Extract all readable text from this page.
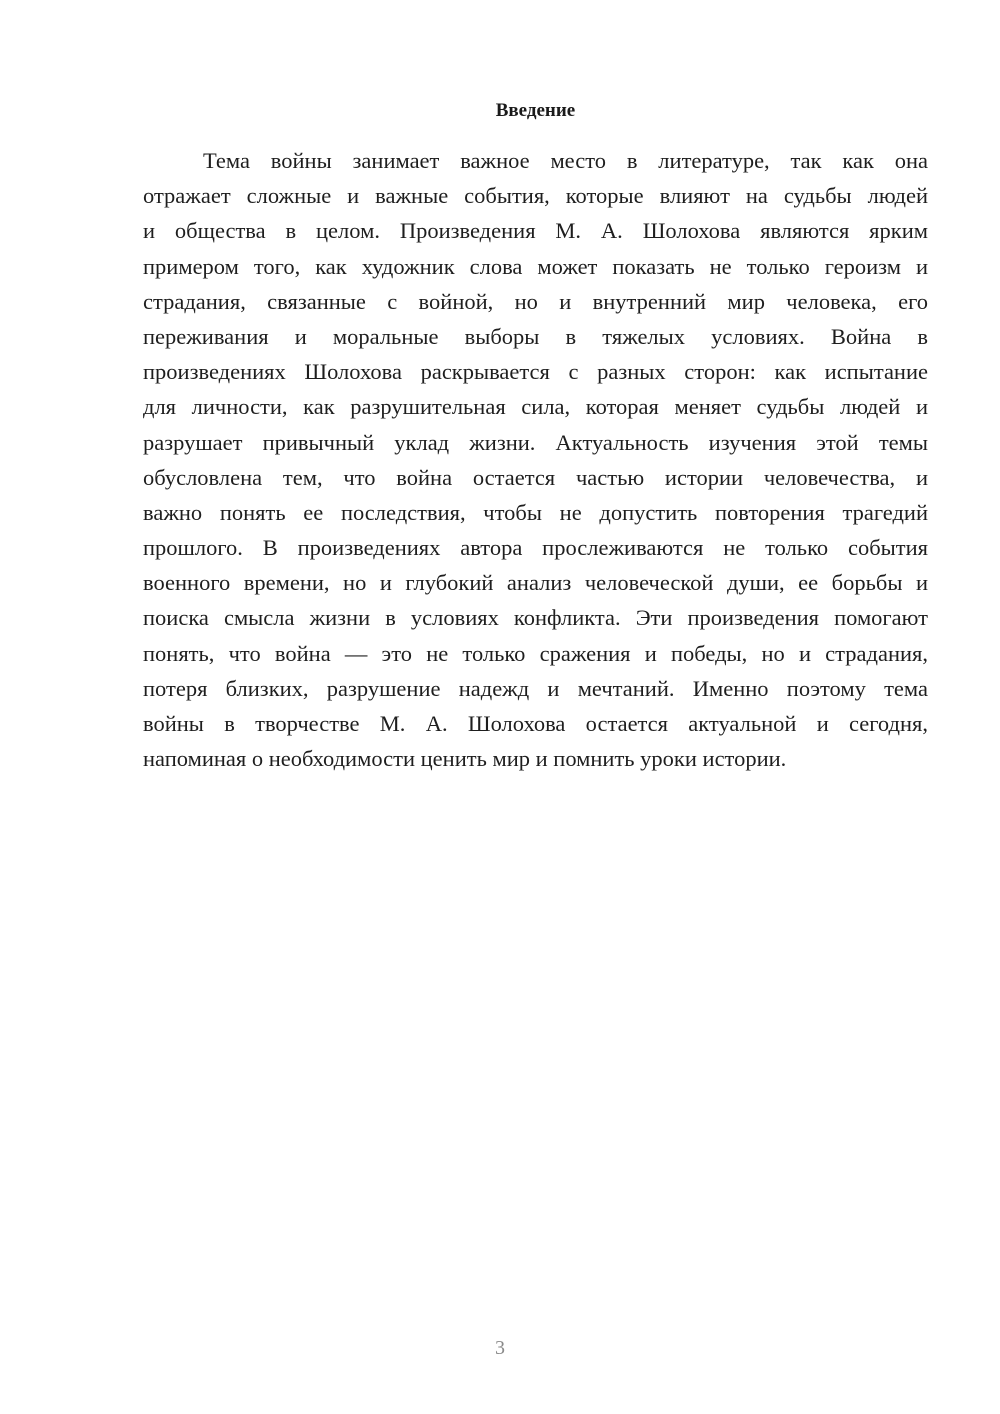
Введение
Тема войны занимает важное место в литературе, так как она
отражает сложные и важные события, которые влияют на судьбы людей
и общества в целом. Произведения М. А. Шолохова являются ярким
примером того, как художник слова может показать не только героизм и
страдания, связанные с войной, но и внутренний мир человека, его
переживания и моральные выборы в тяжелых условиях. Война в
произведениях Шолохова раскрывается с разных сторон: как испытание
для личности, как разрушительная сила, которая меняет судьбы людей и
разрушает привычный уклад жизни. Актуальность изучения этой темы
обусловлена тем, что война остается частью истории человечества, и
важно понять ее последствия, чтобы не допустить повторения трагедий
прошлого. В произведениях автора прослеживаются не только события
военного времени, но и глубокий анализ человеческой души, ее борьбы и
поиска смысла жизни в условиях конфликта. Эти произведения помогают
понять, что война — это не только сражения и победы, но и страдания,
потеря близких, разрушение надежд и мечтаний. Именно поэтому тема
войны в творчестве М. А. Шолохова остается актуальной и сегодня,
напоминая о необходимости ценить мир и помнить уроки истории.
3
